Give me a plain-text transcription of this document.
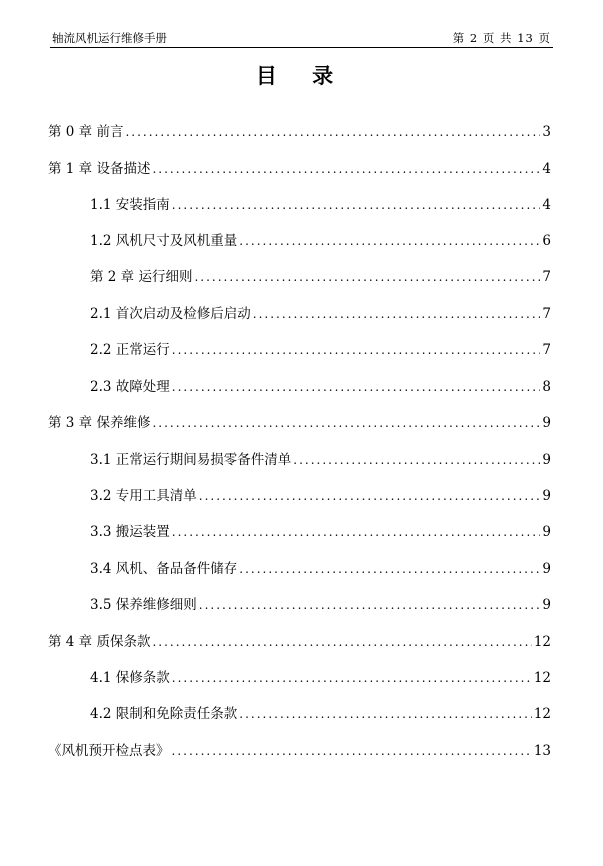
轴流风机运行维修手册	第 2 页 共 13 页
目 录
第 0 章 前言 .....	3
第 1 章 设备描述 .....	4
1.1 安装指南 .....	4
1.2 风机尺寸及风机重量 .....	6
第 2 章 运行细则 .....	7
2.1 首次启动及检修后启动 .....	7
2.2 正常运行 .....	7
2.3 故障处理 .....	8
第 3 章 保养维修 .....	9
3.1 正常运行期间易损零备件清单 .....	9
3.2 专用工具清单 .....	9
3.3 搬运装置 .....	9
3.4 风机、备品备件储存 .....	9
3.5 保养维修细则 .....	9
第 4 章 质保条款 .....	12
4.1 保修条款 .....	12
4.2 限制和免除责任条款 .....	12
《风机预开检点表》 .....	13
